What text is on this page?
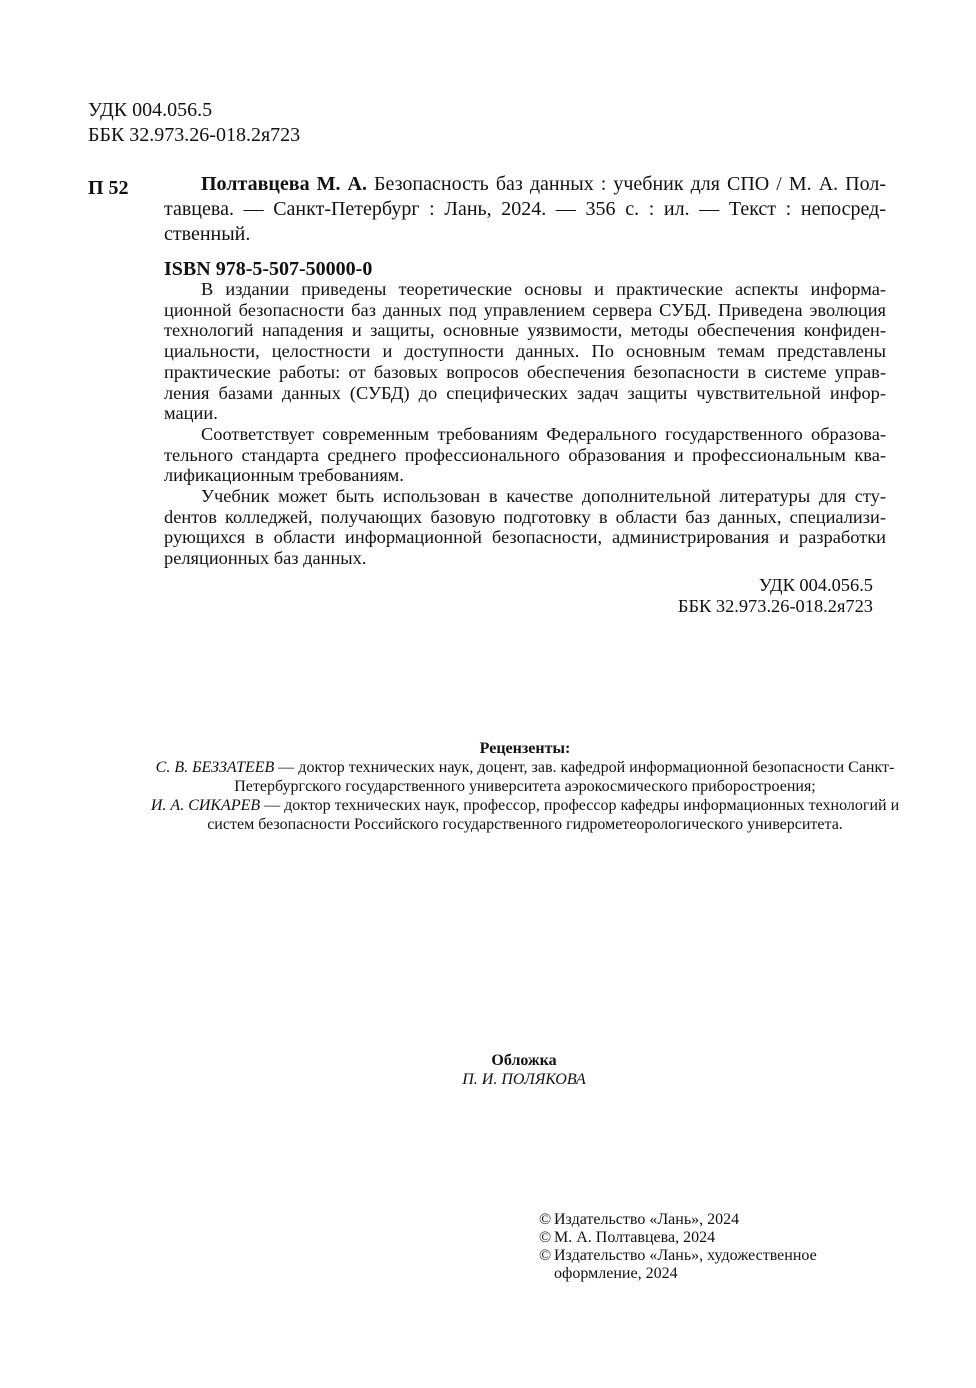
УДК 004.056.5
ББК 32.973.26-018.2я723
П 52	Полтавцева М. А. Безопасность баз данных : учебник для СПО / М. А. Полтавцева. — Санкт-Петербург : Лань, 2024. — 356 с. : ил. — Текст : непосредственный.
ISBN 978-5-507-50000-0

В издании приведены теоретические основы и практические аспекты информационной безопасности баз данных под управлением сервера СУБД. Приведена эволюция технологий нападения и защиты, основные уязвимости, методы обеспечения конфиденциальности, целостности и доступности данных. По основным темам представлены практические работы: от базовых вопросов обеспечения безопасности в системе управления базами данных (СУБД) до специфических задач защиты чувствительной информации.

Соответствует современным требованиям Федерального государственного образовательного стандарта среднего профессионального образования и профессиональным квалификационным требованиям.

Учебник может быть использован в качестве дополнительной литературы для стуdентов колледжей, получающих базовую подготовку в области баз данных, специализирующихся в области информационной безопасности, администрирования и разработки реляционных баз данных.

УДК 004.056.5
ББК 32.973.26-018.2я723
Рецензенты:
С. В. БЕЗЗАТЕЕВ — доктор технических наук, доцент, зав. кафедрой информационной безопасности Санкт-Петербургского государственного университета аэрокосмического приборостроения;
И. А. СИКАРЕВ — доктор технических наук, профессор, профессор кафедры информационных технологий и систем безопасности Российского государственного гидрометеорологического университета.
Обложка
П. И. ПОЛЯКОВА
© Издательство «Лань», 2024
© М. А. Полтавцева, 2024
© Издательство «Лань», художественное оформление, 2024
